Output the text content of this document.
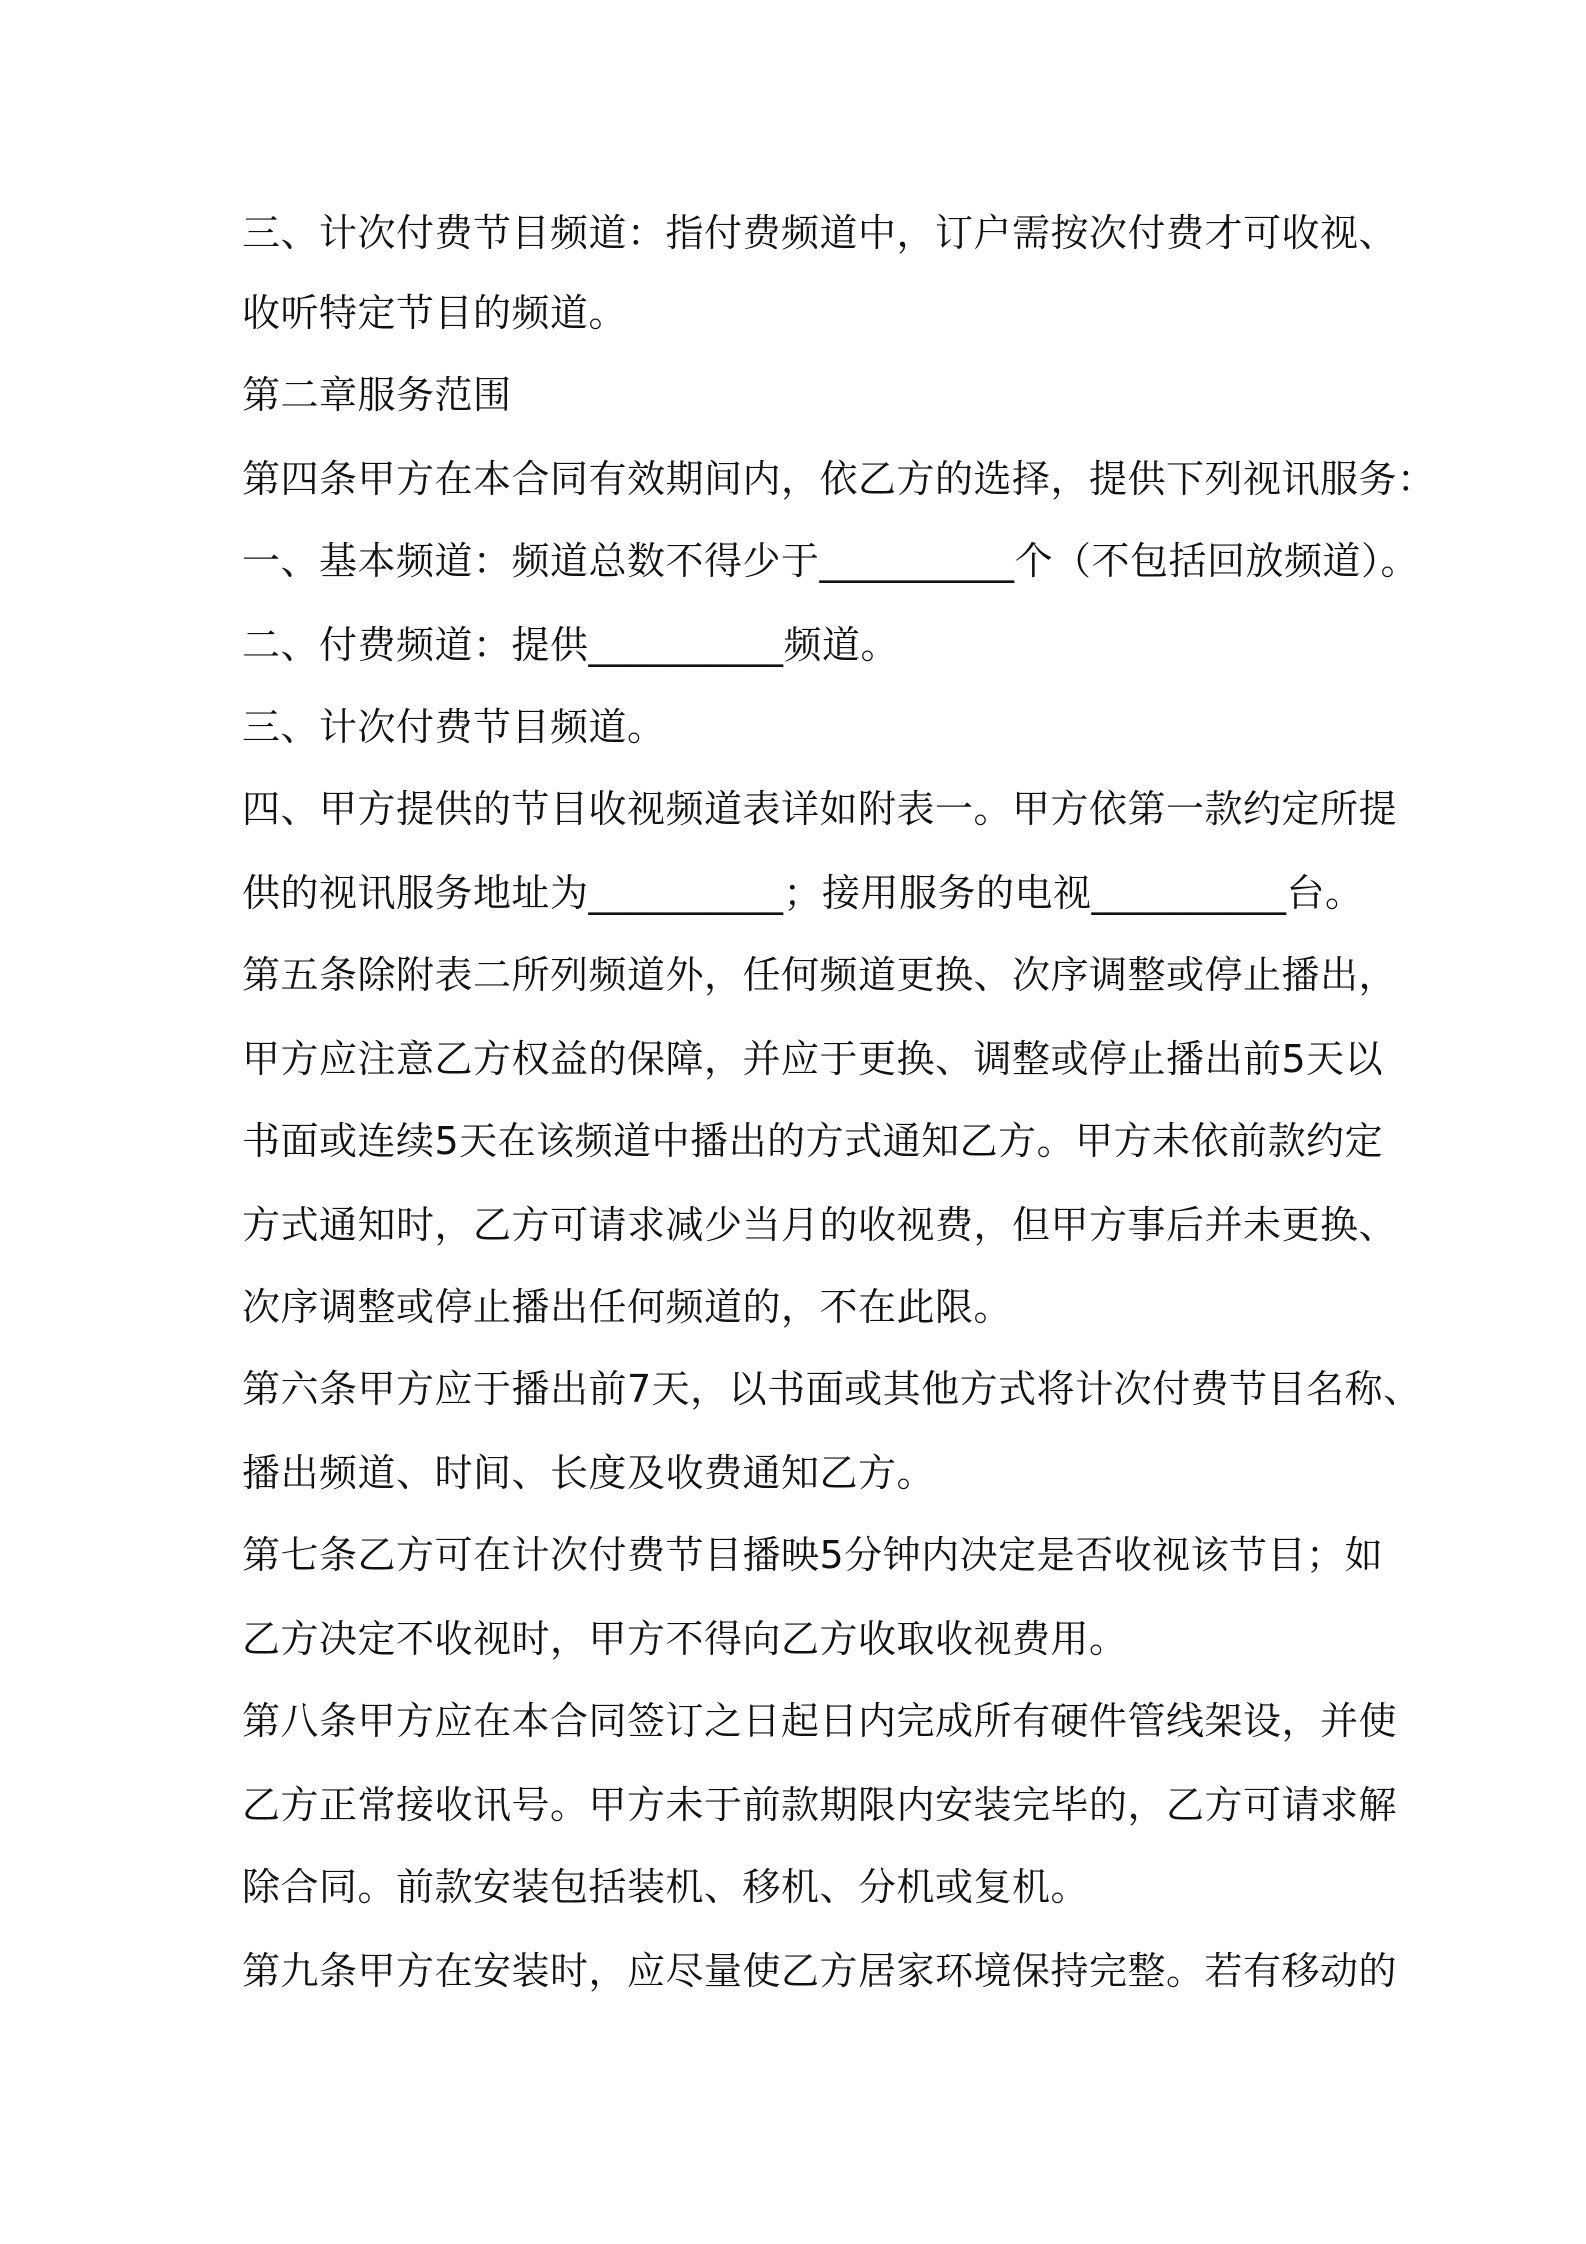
三、计次付费节目频道：指付费频道中，订户需按次付费才可收视、
收听特定节目的频道。
第二章服务范围
第四条甲方在本合同有效期间内，依乙方的选择，提供下列视讯服务：
一、基本频道：频道总数不得少于__________个（不包括回放频道）。
二、付费频道：提供__________频道。
三、计次付费节目频道。
四、甲方提供的节目收视频道表详如附表一。甲方依第一款约定所提
供的视讯服务地址为__________；接用服务的电视__________台。
第五条除附表二所列频道外，任何频道更换、次序调整或停止播出，
甲方应注意乙方权益的保障，并应于更换、调整或停止播出前5天以
书面或连续5天在该频道中播出的方式通知乙方。甲方未依前款约定
方式通知时，乙方可请求减少当月的收视费，但甲方事后并未更换、
次序调整或停止播出任何频道的，不在此限。
第六条甲方应于播出前7天，以书面或其他方式将计次付费节目名称、
播出频道、时间、长度及收费通知乙方。
第七条乙方可在计次付费节目播映5分钟内决定是否收视该节目；如
乙方决定不收视时，甲方不得向乙方收取收视费用。
第八条甲方应在本合同签订之日起日内完成所有硬件管线架设，并使
乙方正常接收讯号。甲方未于前款期限内安装完毕的，乙方可请求解
除合同。前款安装包括装机、移机、分机或复机。
第九条甲方在安装时，应尽量使乙方居家环境保持完整。若有移动的
